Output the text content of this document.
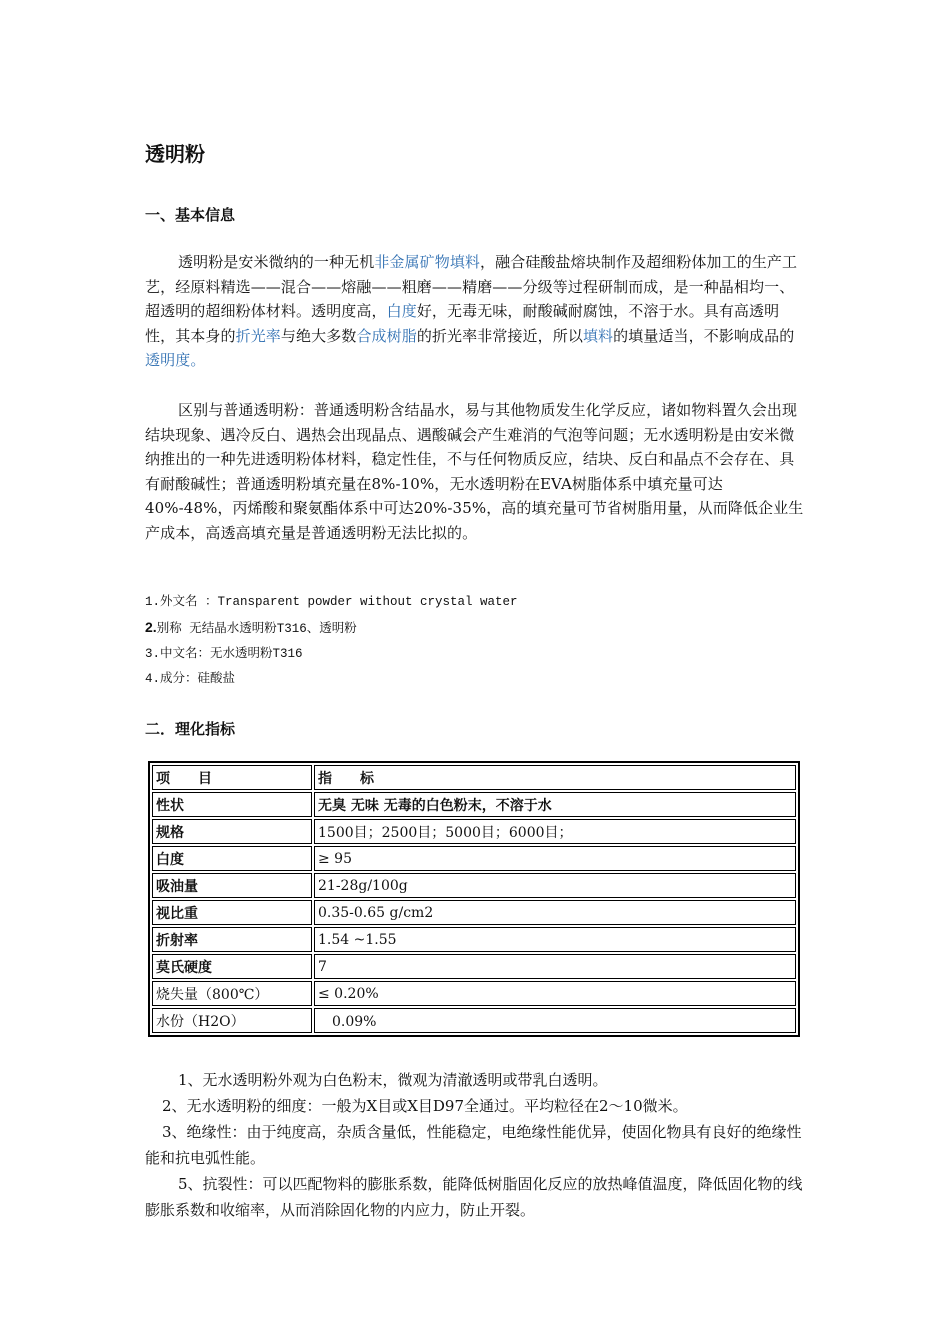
透明粉
一、基本信息

透明粉是安米微纳的一种无机非金属矿物填料，融合硅酸盐熔块制作及超细粉体加工的生产工艺，经原料精选——混合——熔融——粗磨——精磨——分级等过程研制而成，是一种晶相均一、超透明的超细粉体材料。透明度高，白度好，无毒无味，耐酸碱耐腐蚀，不溶于水。具有高透明性，其本身的折光率与绝大多数合成树脂的折光率非常接近，所以填料的填量适当，不影响成品的透明度。

区别与普通透明粉：普通透明粉含结晶水，易与其他物质发生化学反应，诸如物料置久会出现结块现象、遇冷反白、遇热会出现晶点、遇酸碱会产生难消的气泡等问题；无水透明粉是由安米微纳推出的一种先进透明粉体材料，稳定性佳，不与任何物质反应，结块、反白和晶点不会存在、具有耐酸碱性；普通透明粉填充量在8%-10%，无水透明粉在EVA树脂体系中填充量可达40%-48%，丙烯酸和聚氨酯体系中可达20%-35%，高的填充量可节省树脂用量，从而降低企业生产成本，高透高填充量是普通透明粉无法比拟的。

1.外文名 ：Transparent powder without crystal water
2.别称 无结晶水透明粉T316、透明粉
3.中文名：无水透明粉T316
4.成分：硅酸盐
二．理化指标
项　　目	指　　标
性状	无臭 无味 无毒的白色粉末，不溶于水
规格	1500目；2500目；5000目；6000目；
白度	≥ 95
吸油量	21-28g/100g
视比重	0.35-0.65 g/cm2
折射率	1.54 ~1.55
莫氏硬度	7
烧失量（800℃）	≤ 0.20%
水份（H2O）	　0.09%

1、无水透明粉外观为白色粉末，微观为清澈透明或带乳白透明。

2、无水透明粉的细度：一般为X目或X目D97全通过。平均粒径在2～10微米。

3、绝缘性：由于纯度高，杂质含量低，性能稳定，电绝缘性能优异，使固化物具有良好的绝缘性能和抗电弧性能。

5、抗裂性：可以匹配物料的膨胀系数，能降低树脂固化反应的放热峰值温度，降低固化物的线膨胀系数和收缩率，从而消除固化物的内应力，防止开裂。
